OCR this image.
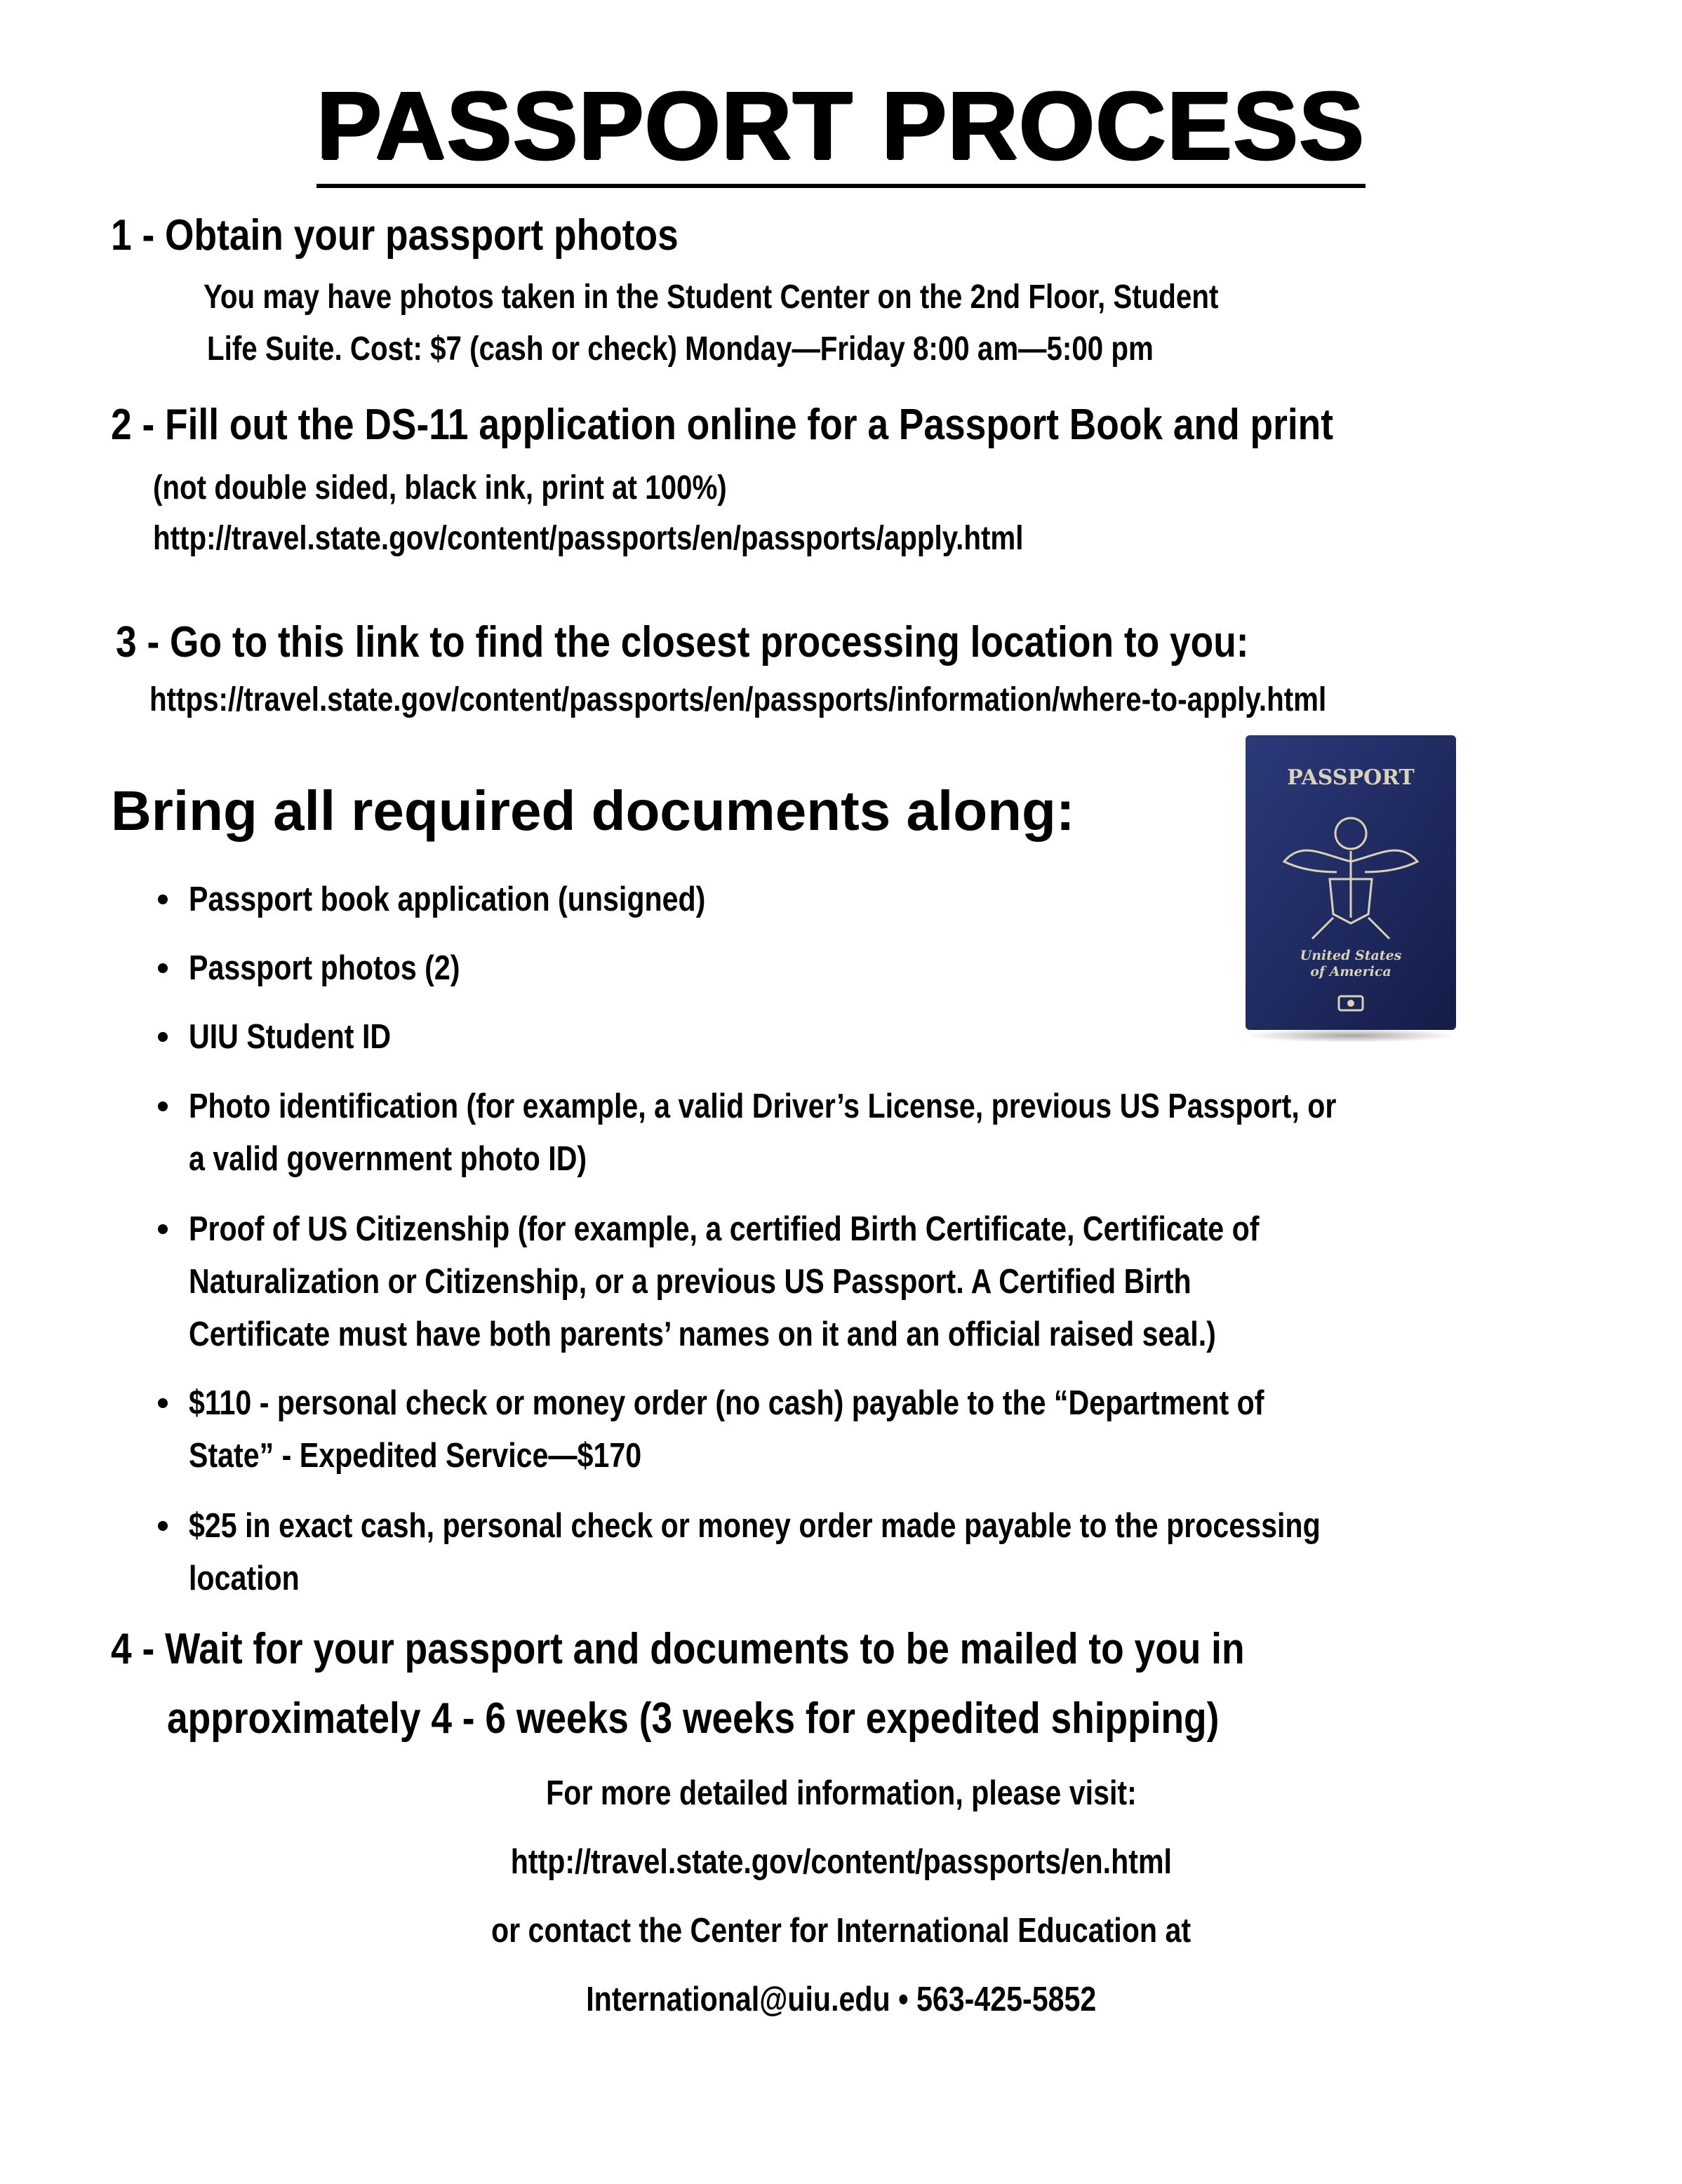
PASSPORT PROCESS
1 - Obtain your passport photos
You may have photos taken in the Student Center on the 2nd Floor, Student
Life Suite. Cost: $7 (cash or check) Monday—Friday 8:00 am—5:00 pm
2 - Fill out the DS-11 application online for a Passport Book and print
(not double sided, black ink, print at 100%)
http://travel.state.gov/content/passports/en/passports/apply.html
3 - Go to this link to find the closest processing location to you:
https://travel.state.gov/content/passports/en/passports/information/where-to-apply.html
Bring all required documents along:
Passport book application (unsigned)
Passport photos (2)
UIU Student ID
Photo identification (for example, a valid Driver’s License, previous US Passport, or
a valid government photo ID)
Proof of US Citizenship (for example, a certified Birth Certificate, Certificate of
Naturalization or Citizenship, or a previous US Passport. A Certified Birth
Certificate must have both parents’ names on it and an official raised seal.)
$110 - personal check or money order (no cash) payable to the “Department of
State” - Expedited Service—$170
$25 in exact cash, personal check or money order made payable to the processing
location
PASSPORT
United States
of America
4 - Wait for your passport and documents to be mailed to you in
approximately 4 - 6 weeks (3 weeks for expedited shipping)
For more detailed information, please visit:
http://travel.state.gov/content/passports/en.html
or contact the Center for International Education at
International@uiu.edu • 563-425-5852
